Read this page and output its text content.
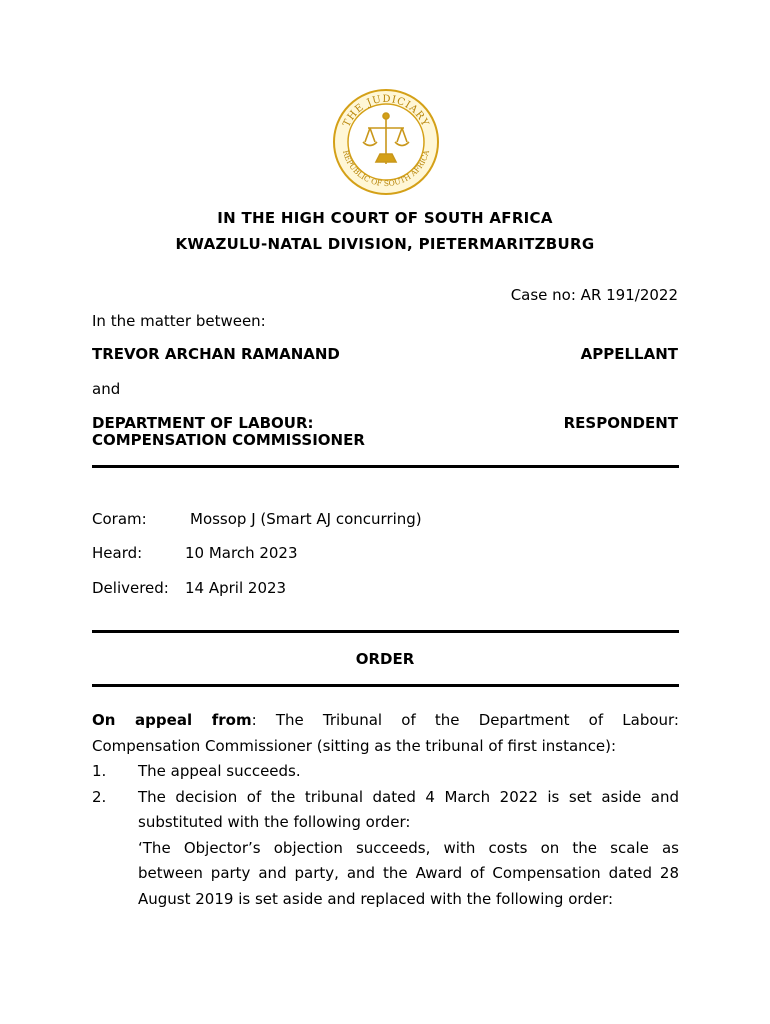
THE JUDICIARY
REPUBLIC OF SOUTH AFRICA
IN THE HIGH COURT OF SOUTH AFRICA
KWAZULU-NATAL DIVISION, PIETERMARITZBURG
Case no: AR 191/2022
In the matter between:
TREVOR ARCHAN RAMANAND	APPELLANT
and
DEPARTMENT OF LABOUR:
COMPENSATION COMMISSIONER
RESPONDENT
Coram:	Mossop J (Smart AJ concurring)
Heard:	10 March 2023
Delivered: 14 April 2023
ORDER
On appeal from: The Tribunal of the Department of Labour:
Compensation Commissioner (sitting as the tribunal of first instance):
1. The appeal succeeds.
2. The decision of the tribunal dated 4 March 2022 is set aside and
substituted with the following order:
‘The Objector’s objection succeeds, with costs on the scale as
between party and party, and the Award of Compensation dated 28
August 2019 is set aside and replaced with the following order:
